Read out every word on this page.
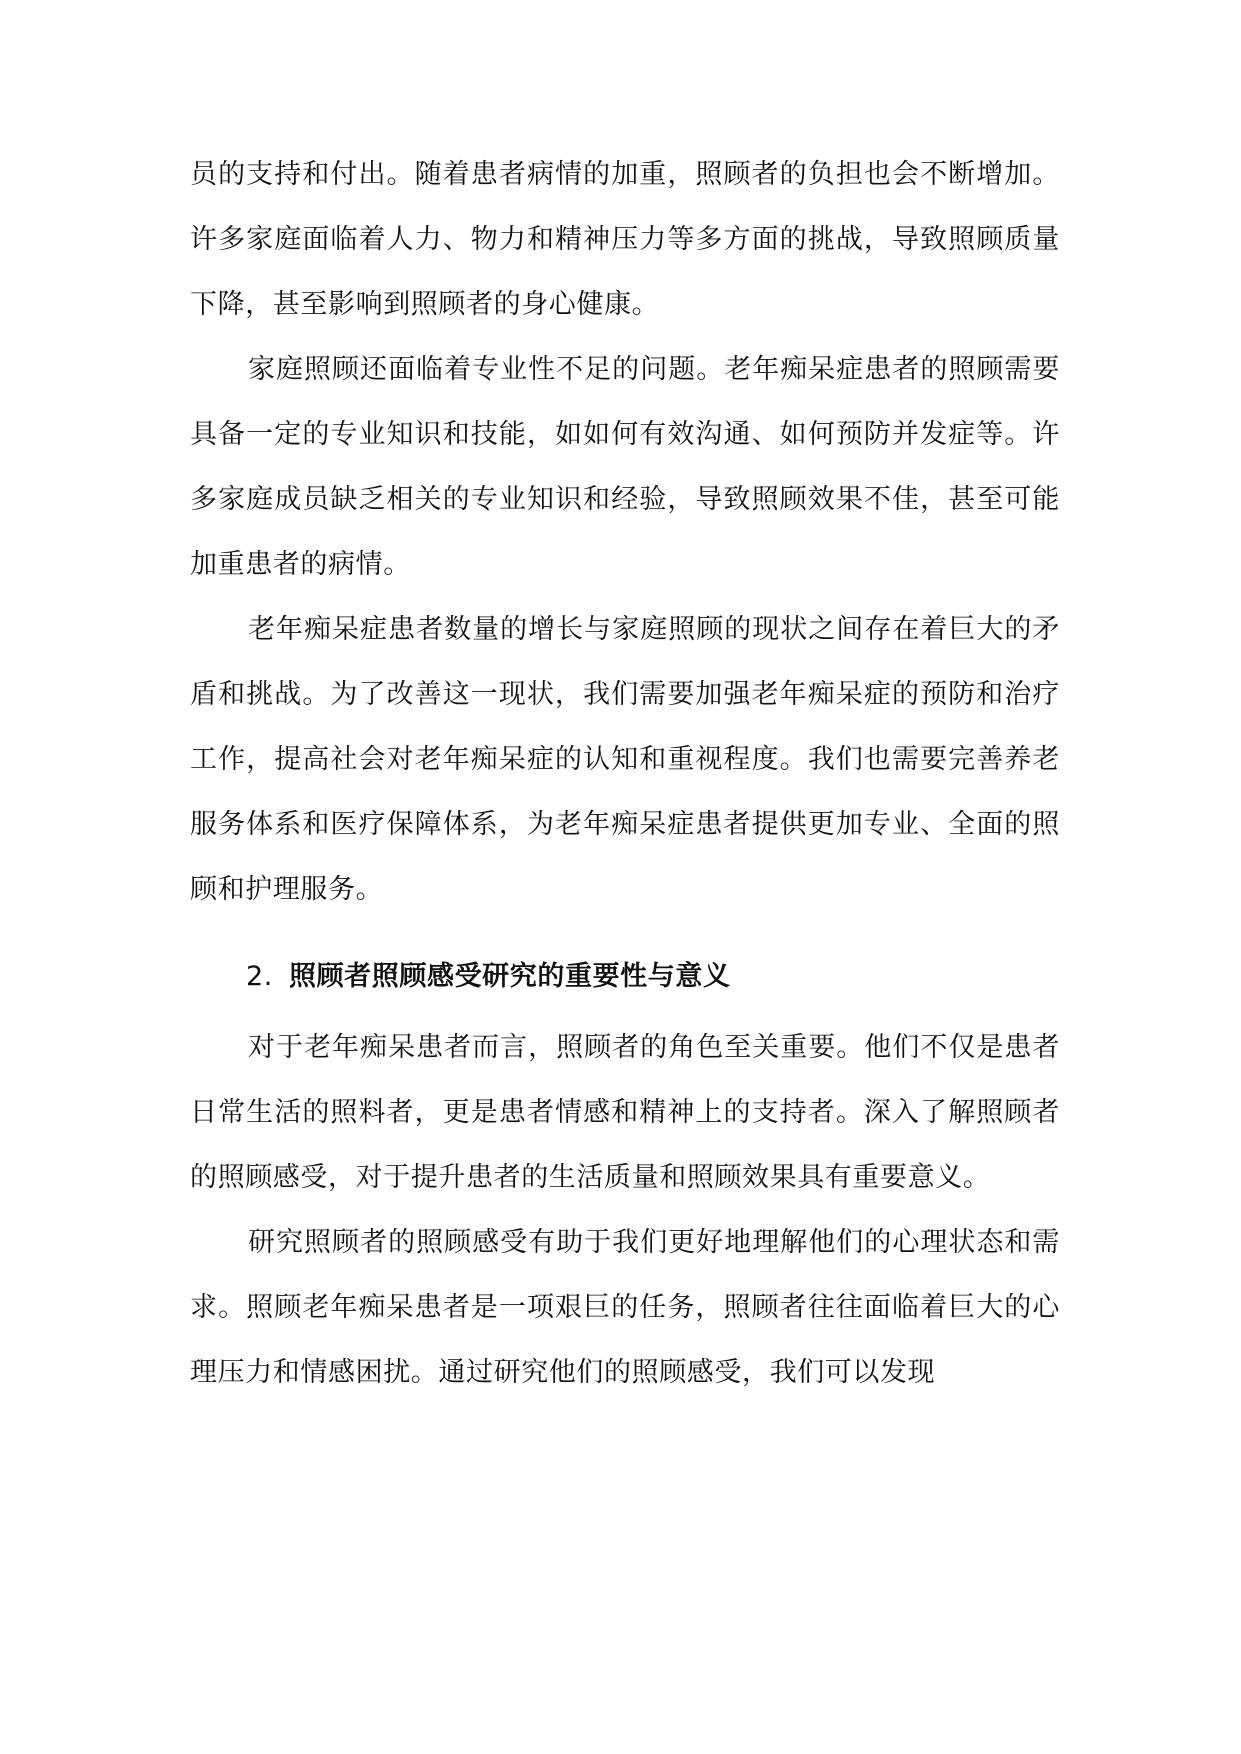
员的支持和付出。随着患者病情的加重，照顾者的负担也会不断增加。许多家庭面临着人力、物力和精神压力等多方面的挑战，导致照顾质量下降，甚至影响到照顾者的身心健康。

家庭照顾还面临着专业性不足的问题。老年痴呆症患者的照顾需要具备一定的专业知识和技能，如如何有效沟通、如何预防并发症等。许多家庭成员缺乏相关的专业知识和经验，导致照顾效果不佳，甚至可能加重患者的病情。

老年痴呆症患者数量的增长与家庭照顾的现状之间存在着巨大的矛盾和挑战。为了改善这一现状，我们需要加强老年痴呆症的预防和治疗工作，提高社会对老年痴呆症的认知和重视程度。我们也需要完善养老服务体系和医疗保障体系，为老年痴呆症患者提供更加专业、全面的照顾和护理服务。

2. 照顾者照顾感受研究的重要性与意义

对于老年痴呆患者而言，照顾者的角色至关重要。他们不仅是患者日常生活的照料者，更是患者情感和精神上的支持者。深入了解照顾者的照顾感受，对于提升患者的生活质量和照顾效果具有重要意义。

研究照顾者的照顾感受有助于我们更好地理解他们的心理状态和需求。照顾老年痴呆患者是一项艰巨的任务，照顾者往往面临着巨大的心理压力和情感困扰。通过研究他们的照顾感受，我们可以发现
